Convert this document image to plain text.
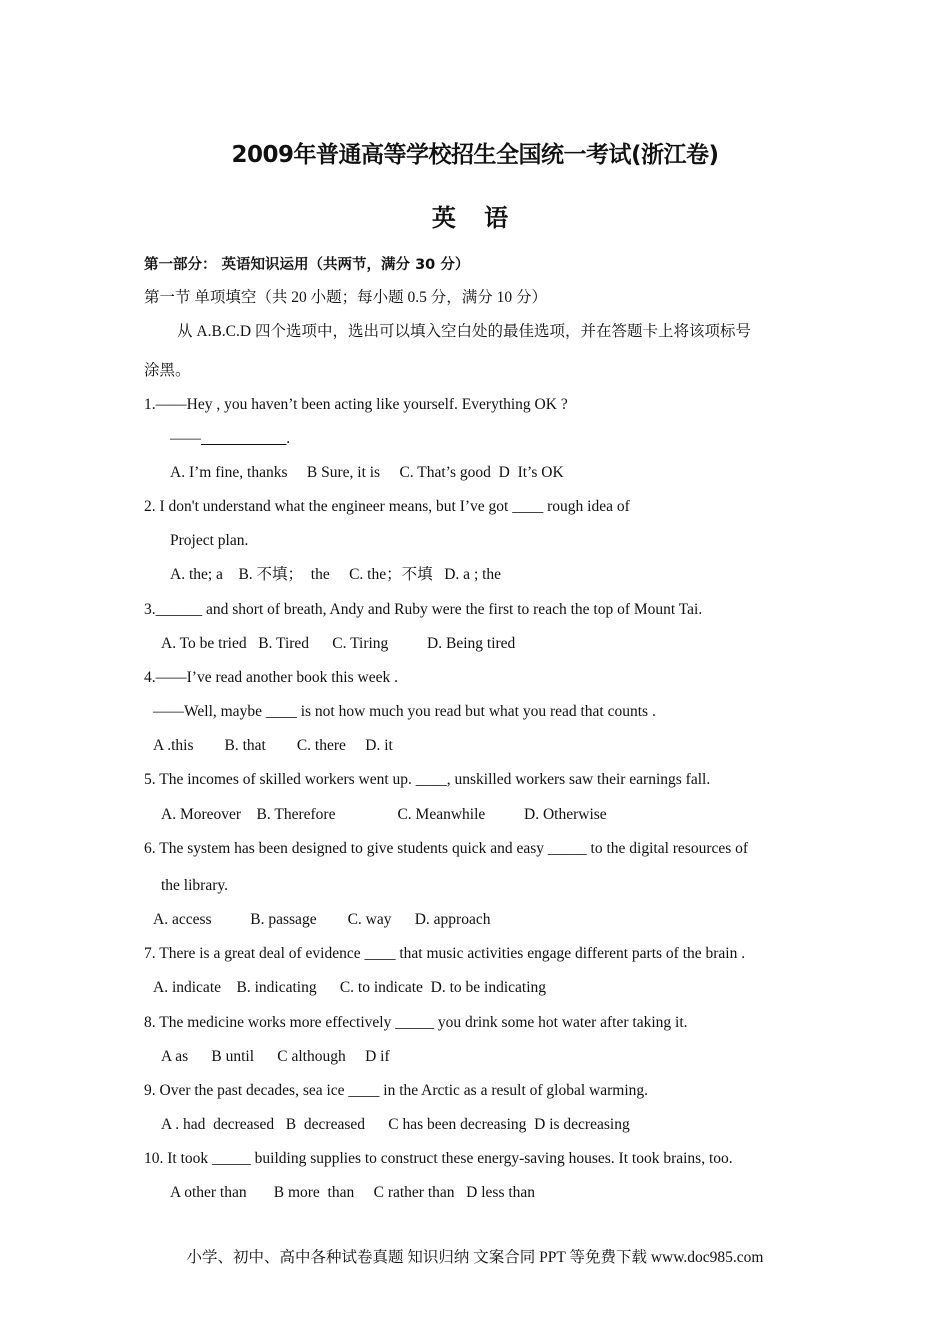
2009年普通高等学校招生全国统一考试(浙江卷)
英 语
第一部分： 英语知识运用（共两节，满分 30 分）
第一节 单项填空（共 20 小题；每小题 0.5 分，满分 10 分）
从 A.B.C.D 四个选项中，选出可以填入空白处的最佳选项，并在答题卡上将该项标号
涂黑。
1.——Hey , you haven’t been acting like yourself. Everything OK ?
——___________.
A. I’m fine, thanks     B Sure, it is     C. That’s good  D  It’s OK
2. I don't understand what the engineer means, but I’ve got ____ rough idea of
Project plan.
A. the; a    B. 不填；  the     C. the；不填   D. a ; the
3.______ and short of breath, Andy and Ruby were the first to reach the top of Mount Tai.
A. To be tried   B. Tired      C. Tiring          D. Being tired
4.——I’ve read another book this week .
——Well, maybe ____ is not how much you read but what you read that counts .
A .this        B. that        C. there     D. it
5. The incomes of skilled workers went up. ____, unskilled workers saw their earnings fall.
A. Moreover    B. Therefore                C. Meanwhile          D. Otherwise
6. The system has been designed to give students quick and easy _____ to the digital resources of
the library.
A. access          B. passage        C. way      D. approach
7. There is a great deal of evidence ____ that music activities engage different parts of the brain .
A. indicate    B. indicating      C. to indicate  D. to be indicating
8. The medicine works more effectively _____ you drink some hot water after taking it.
A as      B until      C although     D if
9. Over the past decades, sea ice ____ in the Arctic as a result of global warming.
A . had  decreased   B  decreased      C has been decreasing  D is decreasing
10. It took _____ building supplies to construct these energy-saving houses. It took brains, too.
A other than       B more  than     C rather than   D less than
小学、初中、高中各种试卷真题 知识归纳 文案合同 PPT 等免费下载 www.doc985.com
